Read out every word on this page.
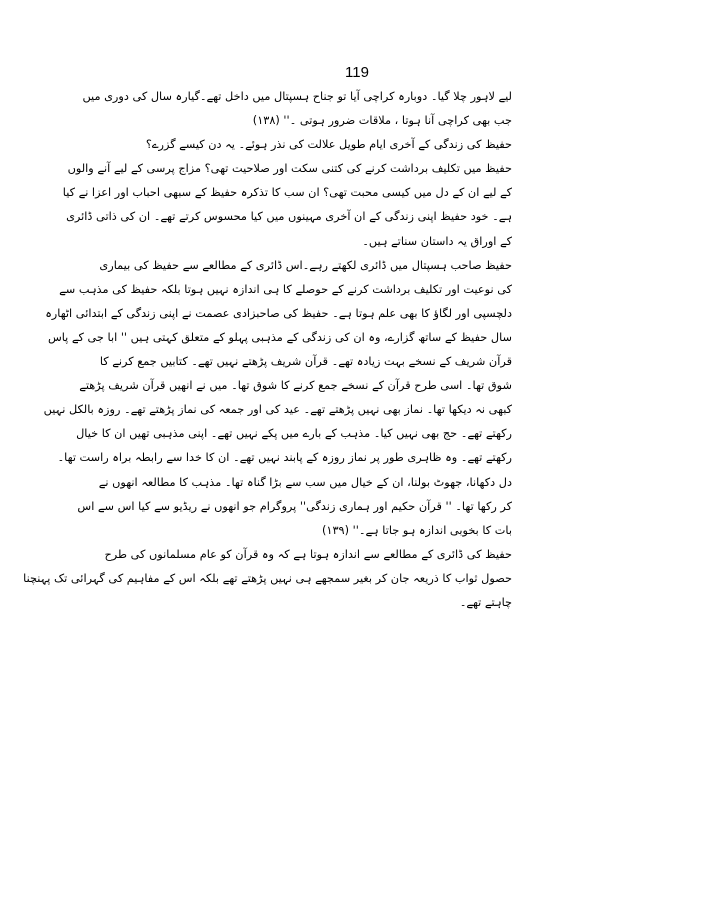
119
لیے لاہور چلا گیا۔ دوبارہ کراچی آیا تو جناح ہسپتال میں داخل تھے۔گیارہ سال کی دوری میں
جب بھی کراچی آنا ہوتا ، ملاقات ضرور ہوتی ۔'' (۱۳۸)
حفیظ کی زندگی کے آخری ایام طویل علالت کی نذر ہوئے۔ یہ دن کیسے گزرے؟
حفیظ میں تکلیف برداشت کرنے کی کتنی سکت اور صلاحیت تھی؟ مزاج پرسی کے لیے آنے والوں
کے لیے ان کے دل میں کیسی محبت تھی؟ ان سب کا تذکرہ حفیظ کے سبھی احباب اور اعزا نے کیا
ہے۔ خود حفیظ اپنی زندگی کے ان آخری مہینوں میں کیا محسوس کرتے تھے۔ ان کی ذاتی ڈائری
کے اوراق یہ داستان سناتے ہیں۔
حفیظ صاحب ہسپتال میں ڈائری لکھتے رہے۔اس ڈائری کے مطالعے سے حفیظ کی بیماری
کی نوعیت اور تکلیف برداشت کرنے کے حوصلے کا ہی اندازہ نہیں ہوتا بلکہ حفیظ کی مذہب سے
دلچسپی اور لگاؤ کا بھی علم ہوتا ہے۔ حفیظ کی صاحبزادی عصمت نے اپنی زندگی کے ابتدائی اٹھارہ
سال حفیظ کے ساتھ گزارے، وہ ان کی زندگی کے مذہبی پہلو کے متعلق کہتی ہیں '' ابا جی کے پاس
قرآن شریف کے نسخے بہت زیادہ تھے۔ قرآن شریف پڑھتے نہیں تھے۔ کتابیں جمع کرنے کا
شوق تھا۔ اسی طرح قرآن کے نسخے جمع کرنے کا شوق تھا۔ میں نے انھیں قرآن شریف پڑھتے
کبھی نہ دیکھا تھا۔ نماز بھی نہیں پڑھتے تھے۔ عید کی اور جمعہ کی نماز پڑھتے تھے۔ روزہ بالکل نہیں
رکھتے تھے۔ حج بھی نہیں کیا۔ مذہب کے بارے میں پکے نہیں تھے۔ اپنی مذہبی تھیں ان کا خیال
رکھتے تھے۔ وہ ظاہری طور پر نماز روزہ کے پابند نہیں تھے۔ ان کا خدا سے رابطہ براہ راست تھا۔
دل دکھانا، جھوٹ بولنا، ان کے خیال میں سب سے بڑا گناہ تھا۔ مذہب کا مطالعہ انھوں نے
کر رکھا تھا۔ '' قرآن حکیم اور ہماری زندگی'' پروگرام جو انھوں نے ریڈیو سے کیا اس سے اس
بات کا بخوبی اندازہ ہو جاتا ہے۔'' (۱۳۹)
حفیظ کی ڈائری کے مطالعے سے اندازہ ہوتا ہے کہ وہ قرآن کو عام مسلمانوں کی طرح
حصول ثواب کا ذریعہ جان کر بغیر سمجھے ہی نہیں پڑھتے تھے بلکہ اس کے مفاہیم کی گہرائی تک پہنچنا
چاہتے تھے۔
